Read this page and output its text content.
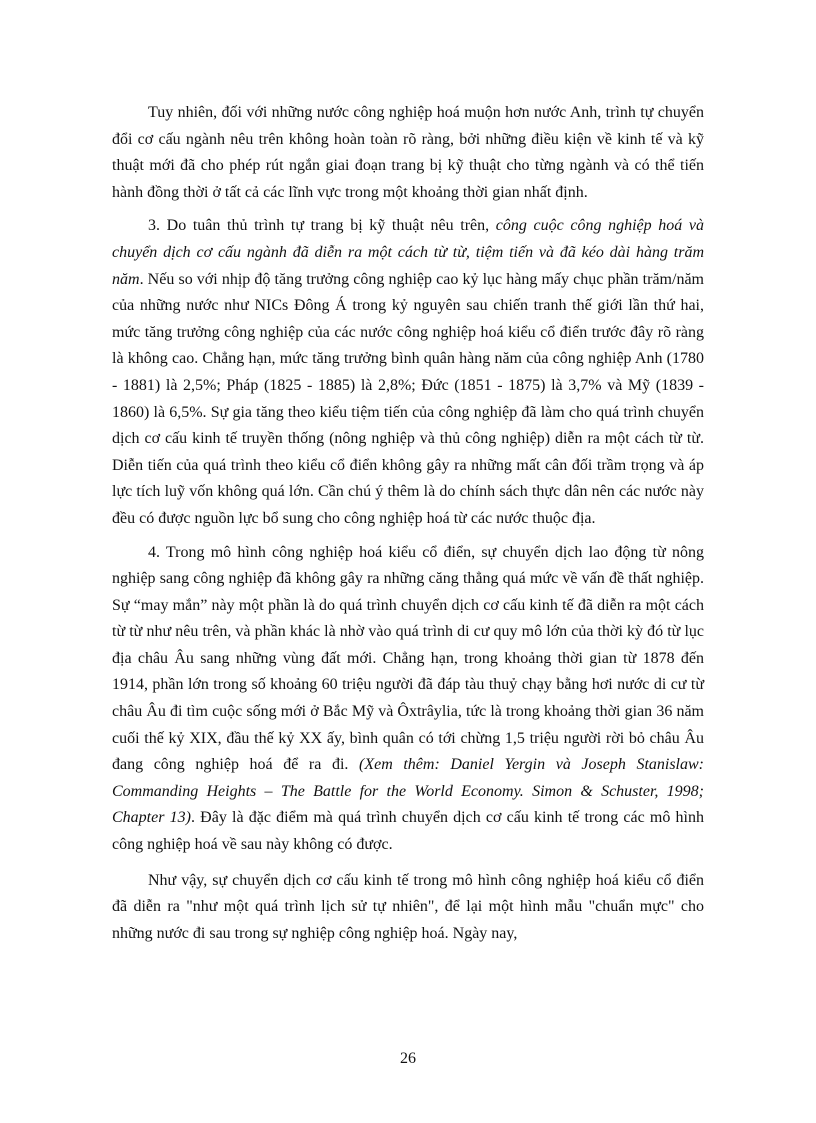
Tuy nhiên, đối với những nước công nghiệp hoá muộn hơn nước Anh, trình tự chuyển đổi cơ cấu ngành nêu trên không hoàn toàn rõ ràng, bởi những điều kiện về kinh tế và kỹ thuật mới đã cho phép rút ngắn giai đoạn trang bị kỹ thuật cho từng ngành và có thể tiến hành đồng thời ở tất cả các lĩnh vực trong một khoảng thời gian nhất định.

3. Do tuân thủ trình tự trang bị kỹ thuật nêu trên, công cuộc công nghiệp hoá và chuyển dịch cơ cấu ngành đã diễn ra một cách từ từ, tiệm tiến và đã kéo dài hàng trăm năm. Nếu so với nhịp độ tăng trưởng công nghiệp cao kỷ lục hàng mấy chục phần trăm/năm của những nước như NICs Đông Á trong kỷ nguyên sau chiến tranh thế giới lần thứ hai, mức tăng trưởng công nghiệp của các nước công nghiệp hoá kiểu cổ điển trước đây rõ ràng là không cao. Chẳng hạn, mức tăng trưởng bình quân hàng năm của công nghiệp Anh (1780 - 1881) là 2,5%; Pháp (1825 - 1885) là 2,8%; Đức (1851 - 1875) là 3,7% và Mỹ (1839 - 1860) là 6,5%. Sự gia tăng theo kiểu tiệm tiến của công nghiệp đã làm cho quá trình chuyển dịch cơ cấu kinh tế truyền thống (nông nghiệp và thủ công nghiệp) diễn ra một cách từ từ. Diễn tiến của quá trình theo kiểu cổ điển không gây ra những mất cân đối trầm trọng và áp lực tích luỹ vốn không quá lớn. Cần chú ý thêm là do chính sách thực dân nên các nước này đều có được nguồn lực bổ sung cho công nghiệp hoá từ các nước thuộc địa.

4. Trong mô hình công nghiệp hoá kiểu cổ điển, sự chuyển dịch lao động từ nông nghiệp sang công nghiệp đã không gây ra những căng thẳng quá mức về vấn đề thất nghiệp. Sự “may mắn” này một phần là do quá trình chuyển dịch cơ cấu kinh tế đã diễn ra một cách từ từ như nêu trên, và phần khác là nhờ vào quá trình di cư quy mô lớn của thời kỳ đó từ lục địa châu Âu sang những vùng đất mới. Chẳng hạn, trong khoảng thời gian từ 1878 đến 1914, phần lớn trong số khoảng 60 triệu người đã đáp tàu thuỷ chạy bằng hơi nước di cư từ châu Âu đi tìm cuộc sống mới ở Bắc Mỹ và Ôxtrâylia, tức là trong khoảng thời gian 36 năm cuối thế kỷ XIX, đầu thế kỷ XX ấy, bình quân có tới chừng 1,5 triệu người rời bỏ châu Âu đang công nghiệp hoá để ra đi. (Xem thêm: Daniel Yergin và Joseph Stanislaw: Commanding Heights – The Battle for the World Economy. Simon & Schuster, 1998; Chapter 13). Đây là đặc điểm mà quá trình chuyển dịch cơ cấu kinh tế trong các mô hình công nghiệp hoá về sau này không có được.

Như vậy, sự chuyển dịch cơ cấu kinh tế trong mô hình công nghiệp hoá kiểu cổ điển đã diễn ra "như một quá trình lịch sử tự nhiên", để lại một hình mẫu "chuẩn mực" cho những nước đi sau trong sự nghiệp công nghiệp hoá. Ngày nay,

26
